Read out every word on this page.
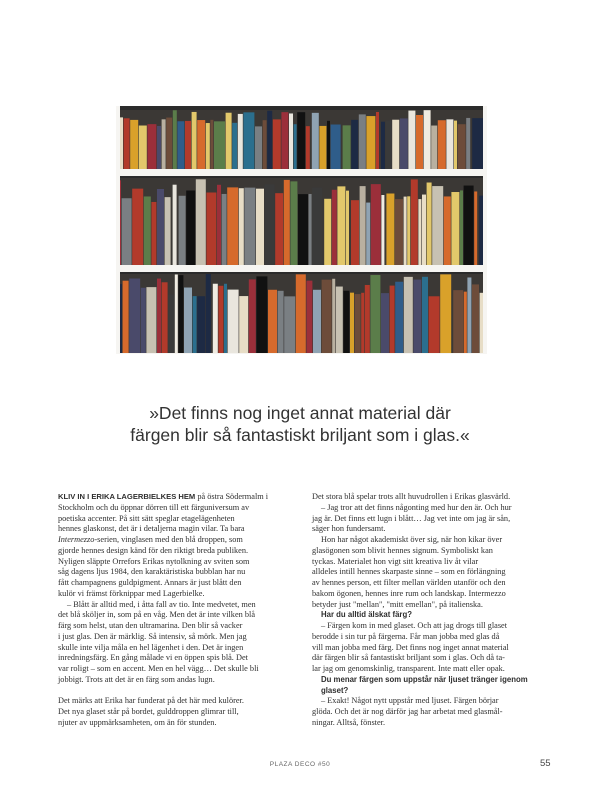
»Det finns nog inget annat material där
färgen blir så fantastiskt briljant som i glas.«
KLIV IN I ERIKA LAGERBIELKES HEM på östra Södermalm i
Stockholm och du öppnar dörren till ett färguniversum av
poetiska accenter. På sitt sätt speglar etagelägenheten
hennes glaskonst, det är i detaljerna magin vilar. Ta bara
Intermezzo-serien, vinglasen med den blå droppen, som
gjorde hennes design känd för den riktigt breda publiken.
Nyligen släppte Orrefors Erikas nytolkning av sviten som
såg dagens ljus 1984, den karaktäristiska bubblan har nu
fått champagnens guldpigment. Annars är just blått den
kulör vi främst förknippar med Lagerbielke.
– Blått är alltid med, i åtta fall av tio. Inte medvetet, men
det blå sköljer in, som på en våg. Men det är inte vilken blå
färg som helst, utan den ultramarina. Den blir så vacker
i just glas. Den är märklig. Så intensiv, så mörk. Men jag
skulle inte vilja måla en hel lägenhet i den. Det är ingen
inredningsfärg. En gång målade vi en öppen spis blå. Det
var roligt – som en accent. Men en hel vägg… Det skulle bli
jobbigt. Trots att det är en färg som andas lugn.
Det märks att Erika har funderat på det här med kulörer.
Det nya glaset står på bordet, gulddroppen glimrar till,
njuter av uppmärksamheten, om än för stunden.
Det stora blå spelar trots allt huvudrollen i Erikas glasvärld.
– Jag tror att det finns någonting med hur den är. Och hur
jag är. Det finns ett lugn i blått… Jag vet inte om jag är sån,
säger hon fundersamt.
Hon har något akademiskt över sig, när hon kikar över
glasögonen som blivit hennes signum. Symboliskt kan
tyckas. Materialet hon vigt sitt kreativa liv åt vilar
alldeles intill hennes skarpaste sinne – som en förlängning
av hennes person, ett filter mellan världen utanför och den
bakom ögonen, hennes inre rum och landskap. Intermezzo
betyder just "mellan", "mitt emellan", på italienska.
Har du alltid älskat färg?
– Färgen kom in med glaset. Och att jag drogs till glaset
berodde i sin tur på färgerna. Får man jobba med glas då
vill man jobba med färg. Det finns nog inget annat material
där färgen blir så fantastiskt briljant som i glas. Och då ta-
lar jag om genomskinlig, transparent. Inte matt eller opak.
Du menar färgen som uppstår när ljuset tränger igenom
glaset?
– Exakt! Något nytt uppstår med ljuset. Färgen börjar
glöda. Och det är nog därför jag har arbetat med glasmål-
ningar. Alltså, fönster.
PLAZA DECO #50	55
